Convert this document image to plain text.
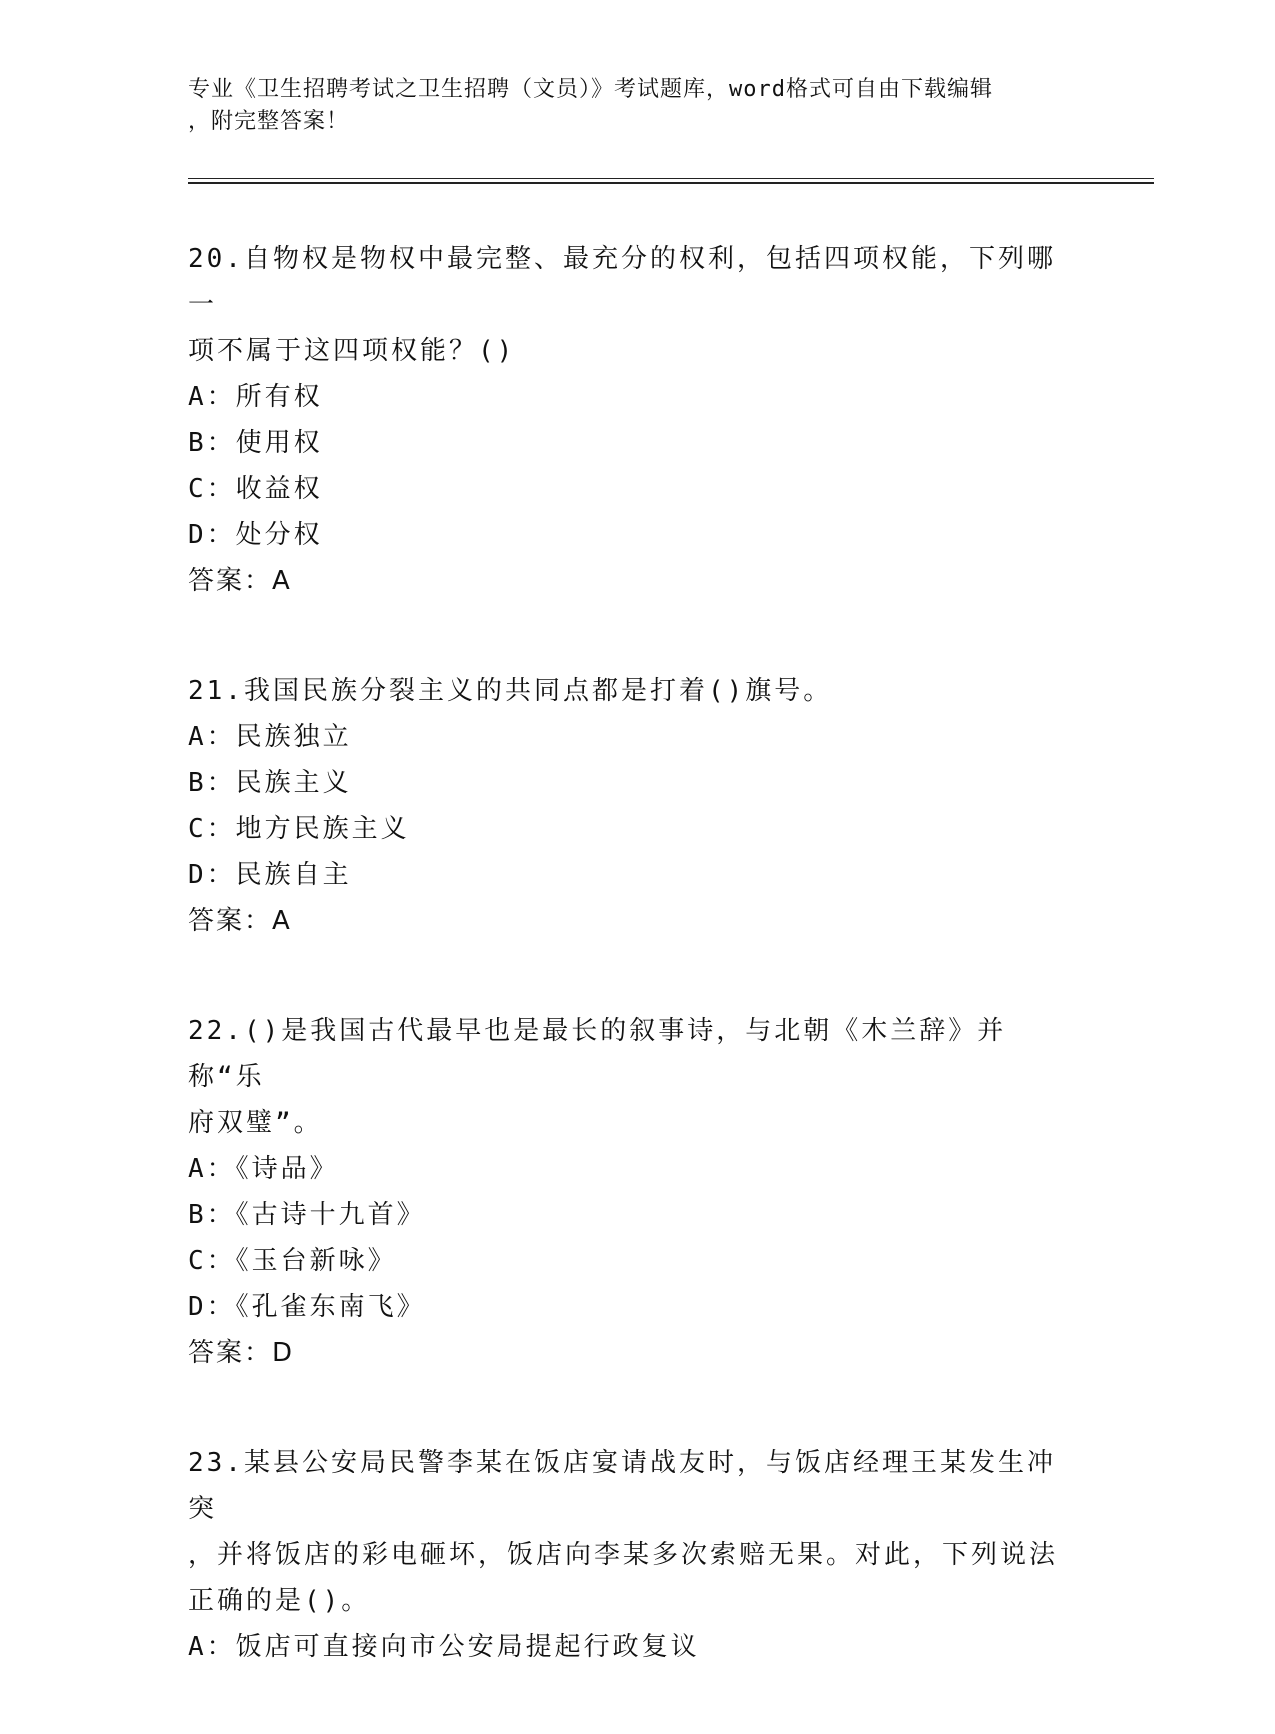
专业《卫生招聘考试之卫生招聘（文员）》考试题库，word格式可自由下载编辑
，附完整答案！
20.自物权是物权中最完整、最充分的权利，包括四项权能，下列哪一
项不属于这四项权能？()
A：所有权
B：使用权
C：收益权
D：处分权
答案：A
21.我国民族分裂主义的共同点都是打着()旗号。
A：民族独立
B：民族主义
C：地方民族主义
D：民族自主
答案：A
22.()是我国古代最早也是最长的叙事诗，与北朝《木兰辞》并称“乐
府双璧”。
A：《诗品》
B：《古诗十九首》
C：《玉台新咏》
D：《孔雀东南飞》
答案：D
23.某县公安局民警李某在饭店宴请战友时，与饭店经理王某发生冲突
，并将饭店的彩电砸坏，饭店向李某多次索赔无果。对此，下列说法
正确的是()。
A：饭店可直接向市公安局提起行政复议
